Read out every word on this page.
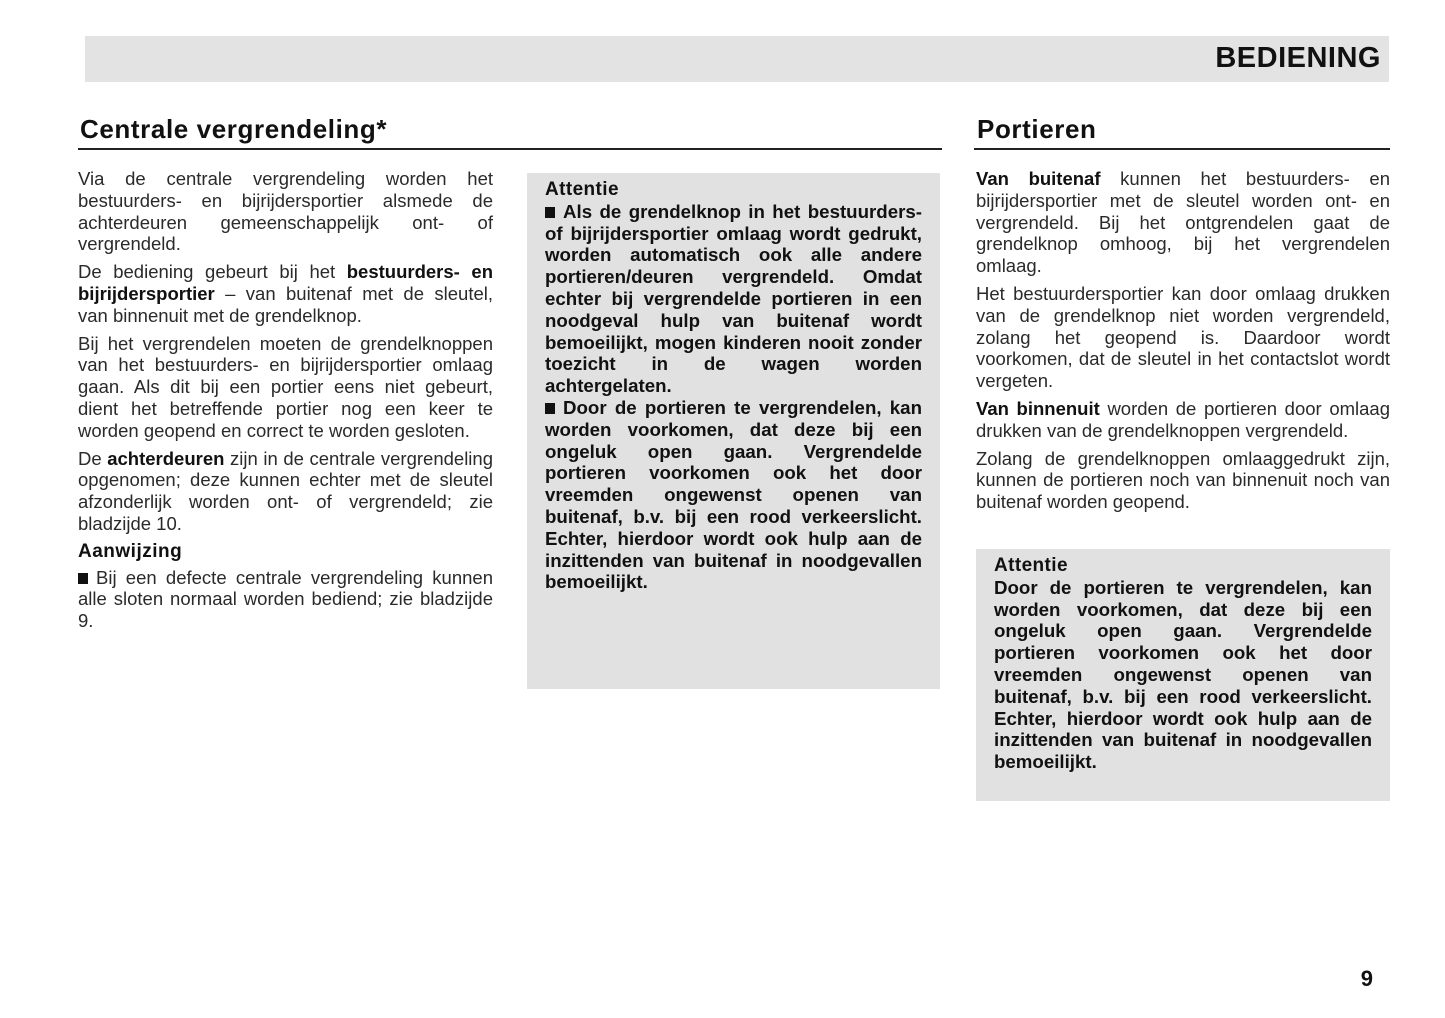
BEDIENING
Centrale vergrendeling*	Portieren

Via de centrale vergrendeling worden het bestuurders- en bijrijdersportier alsmede de achterdeuren gemeenschappelijk ont- of vergrendeld.

De bediening gebeurt bij het bestuurders- en bijrijdersportier – van buitenaf met de sleutel, van binnenuit met de grendelknop.

Bij het vergrendelen moeten de grendelknoppen van het bestuurders- en bijrijdersportier omlaag gaan. Als dit bij een portier eens niet gebeurt, dient het betreffende portier nog een keer te worden geopend en correct te worden gesloten.

De achterdeuren zijn in de centrale vergrendeling opgenomen; deze kunnen echter met de sleutel afzonderlijk worden ont- of vergrendeld; zie bladzijde 10.

Aanwijzing

Bij een defecte centrale vergrendeling kunnen alle sloten normaal worden bediend; zie bladzijde 9.

Attentie

Als de grendelknop in het bestuurders- of bijrijdersportier omlaag wordt gedrukt, worden automatisch ook alle andere portieren/deuren vergrendeld. Omdat echter bij vergrendelde portieren in een noodgeval hulp van buitenaf wordt bemoeilijkt, mogen kinderen nooit zonder toezicht in de wagen worden achtergelaten.

Door de portieren te vergrendelen, kan worden voorkomen, dat deze bij een ongeluk open gaan. Vergrendelde portieren voorkomen ook het door vreemden ongewenst openen van buitenaf, b.v. bij een rood verkeerslicht. Echter, hierdoor wordt ook hulp aan de inzittenden van buitenaf in noodgevallen bemoeilijkt.

Van buitenaf kunnen het bestuurders- en bijrijdersportier met de sleutel worden ont- en vergrendeld. Bij het ontgrendelen gaat de grendelknop omhoog, bij het vergrendelen omlaag.

Het bestuurdersportier kan door omlaag drukken van de grendelknop niet worden vergrendeld, zolang het geopend is. Daardoor wordt voorkomen, dat de sleutel in het contactslot wordt vergeten.

Van binnenuit worden de portieren door omlaag drukken van de grendelknoppen vergrendeld.

Zolang de grendelknoppen omlaaggedrukt zijn, kunnen de portieren noch van binnenuit noch van buitenaf worden geopend.

Attentie

Door de portieren te vergrendelen, kan worden voorkomen, dat deze bij een ongeluk open gaan. Vergrendelde portieren voorkomen ook het door vreemden ongewenst openen van buitenaf, b.v. bij een rood verkeerslicht. Echter, hierdoor wordt ook hulp aan de inzittenden van buitenaf in noodgevallen bemoeilijkt.

9
